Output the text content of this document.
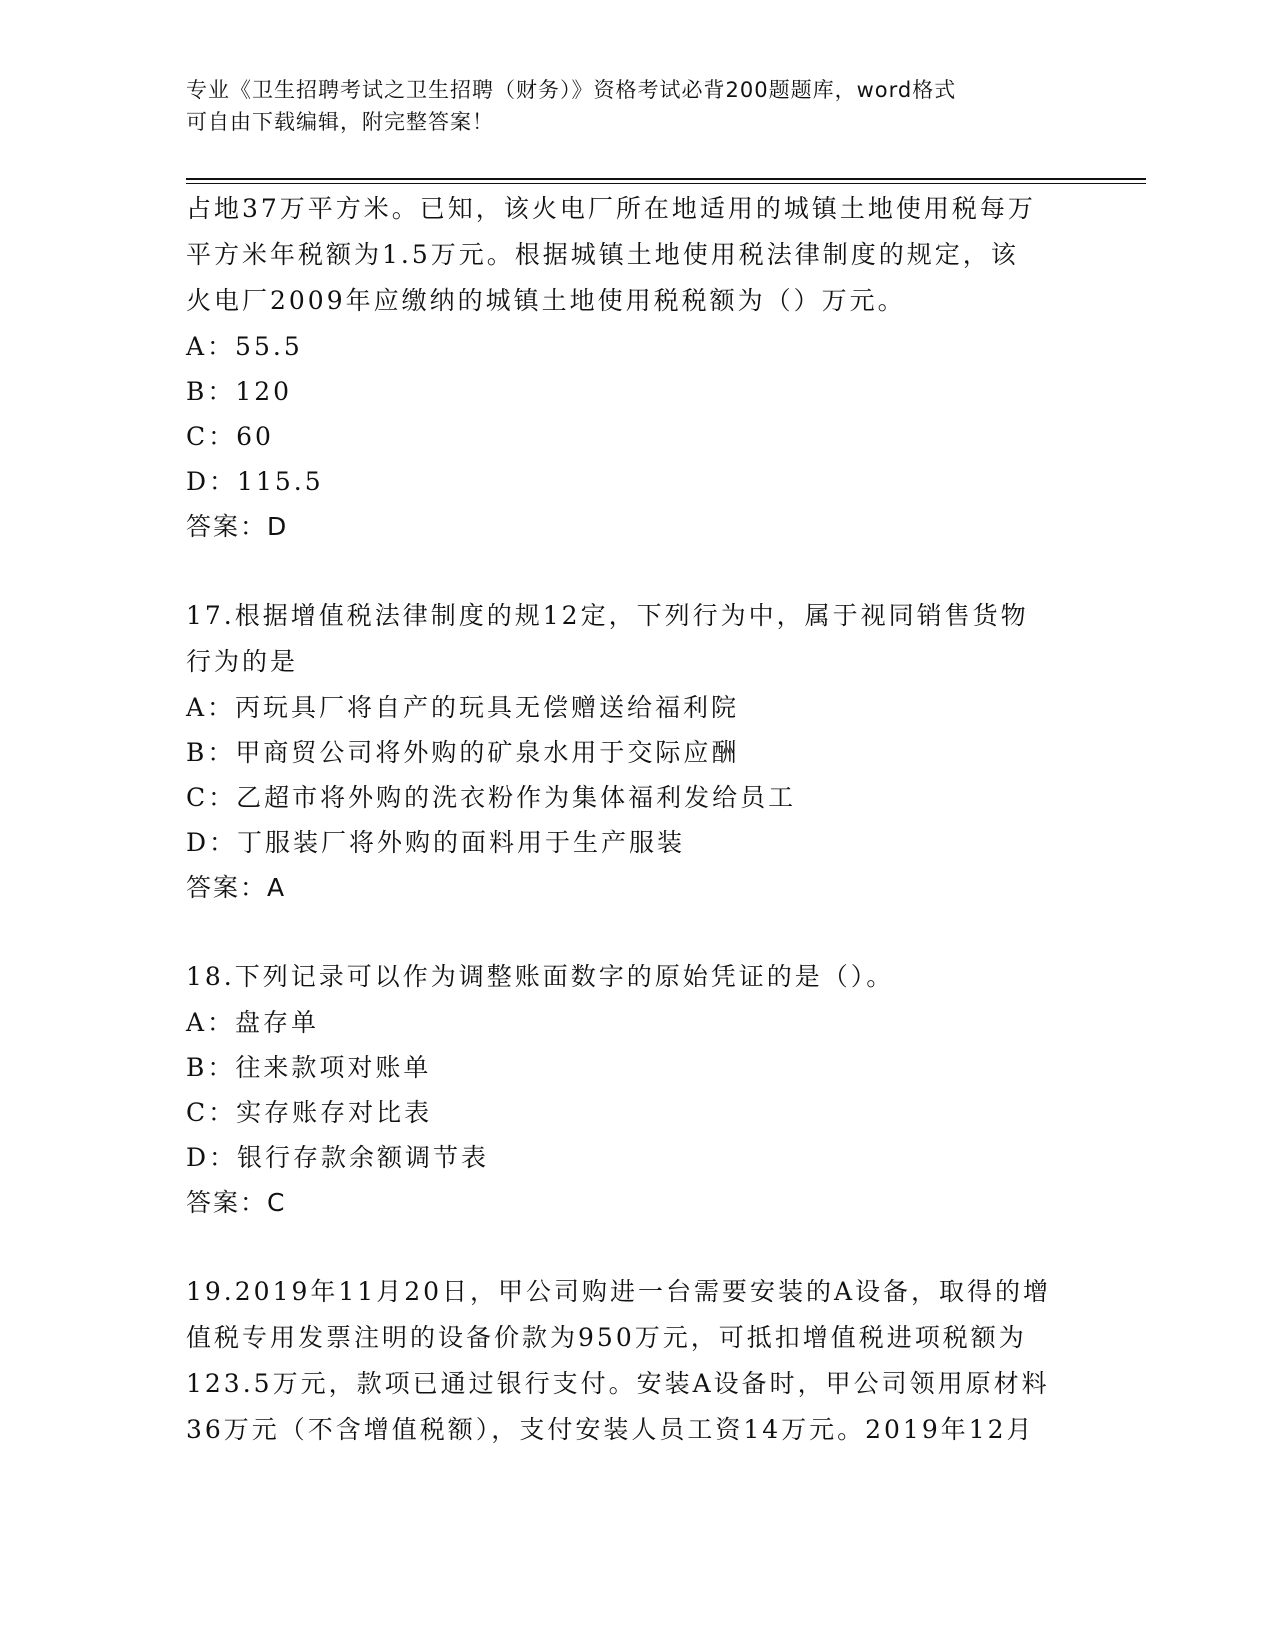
专业《卫生招聘考试之卫生招聘（财务）》资格考试必背200题题库，word格式
可自由下载编辑，附完整答案！
占地37万平方米。已知，该火电厂所在地适用的城镇土地使用税每万
平方米年税额为1.5万元。根据城镇土地使用税法律制度的规定，该
火电厂2009年应缴纳的城镇土地使用税税额为（）万元。
A：55.5
B：120
C：60
D：115.5
答案：D
17.根据增值税法律制度的规12定，下列行为中，属于视同销售货物
行为的是
A：丙玩具厂将自产的玩具无偿赠送给福利院
B：甲商贸公司将外购的矿泉水用于交际应酬
C：乙超市将外购的洗衣粉作为集体福利发给员工
D：丁服装厂将外购的面料用于生产服装
答案：A
18.下列记录可以作为调整账面数字的原始凭证的是（）。
A：盘存单
B：往来款项对账单
C：实存账存对比表
D：银行存款余额调节表
答案：C
19.2019年11月20日，甲公司购进一台需要安装的A设备，取得的增
值税专用发票注明的设备价款为950万元，可抵扣增值税进项税额为
123.5万元，款项已通过银行支付。安装A设备时，甲公司领用原材料
36万元（不含增值税额），支付安装人员工资14万元。2019年12月
